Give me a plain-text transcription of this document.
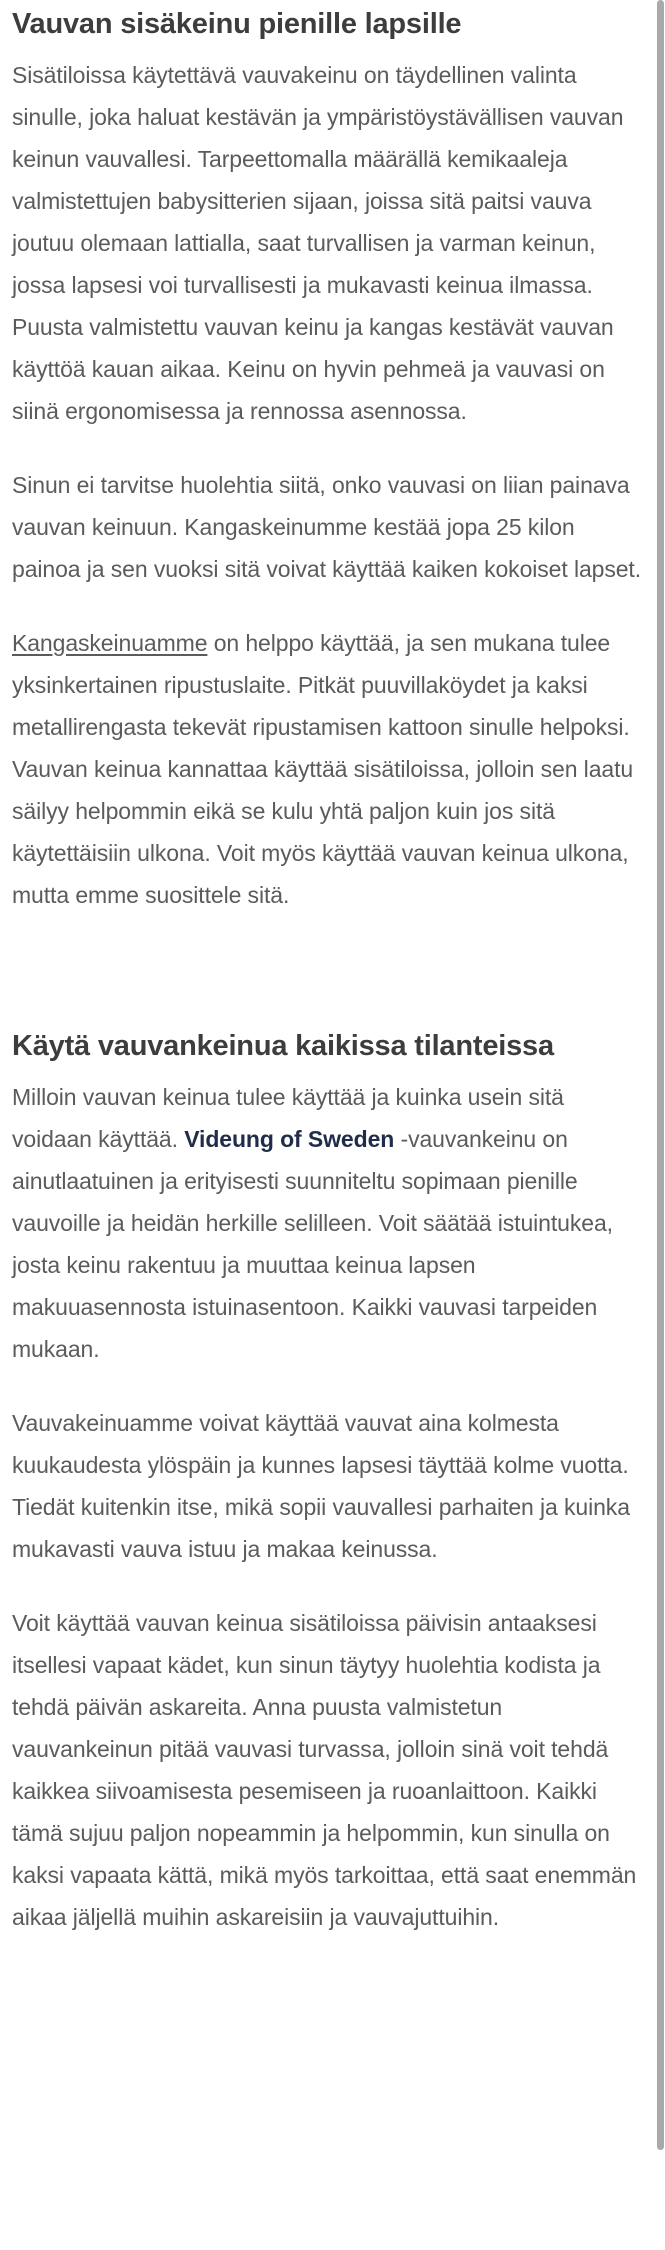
Vauvan sisäkeinu pienille lapsille

Sisätiloissa käytettävä vauvakeinu on täydellinen valinta sinulle, joka haluat kestävän ja ympäristöystävällisen vauvan keinun vauvallesi. Tarpeettomalla määrällä kemikaaleja valmistettujen babysitterien sijaan, joissa sitä paitsi vauva joutuu olemaan lattialla, saat turvallisen ja varman keinun, jossa lapsesi voi turvallisesti ja mukavasti keinua ilmassa. Puusta valmistettu vauvan keinu ja kangas kestävät vauvan käyttöä kauan aikaa. Keinu on hyvin pehmeä ja vauvasi on siinä ergonomisessa ja rennossa asennossa.

Sinun ei tarvitse huolehtia siitä, onko vauvasi on liian painava vauvan keinuun. Kangaskeinumme kestää jopa 25 kilon painoa ja sen vuoksi sitä voivat käyttää kaiken kokoiset lapset.

Kangaskeinuamme on helppo käyttää, ja sen mukana tulee yksinkertainen ripustuslaite. Pitkät puuvillaköydet ja kaksi metallirengasta tekevät ripustamisen kattoon sinulle helpoksi. Vauvan keinua kannattaa käyttää sisätiloissa, jolloin sen laatu säilyy helpommin eikä se kulu yhtä paljon kuin jos sitä käytettäisiin ulkona. Voit myös käyttää vauvan keinua ulkona, mutta emme suosittele sitä.

Käytä vauvankeinua kaikissa tilanteissa

Milloin vauvan keinua tulee käyttää ja kuinka usein sitä voidaan käyttää. Videung of Sweden -vauvankeinu on ainutlaatuinen ja erityisesti suunniteltu sopimaan pienille vauvoille ja heidän herkille selilleen. Voit säätää istuintukea, josta keinu rakentuu ja muuttaa keinua lapsen makuuasennosta istuinasentoon. Kaikki vauvasi tarpeiden mukaan.

Vauvakeinuamme voivat käyttää vauvat aina kolmesta kuukaudesta ylöspäin ja kunnes lapsesi täyttää kolme vuotta. Tiedät kuitenkin itse, mikä sopii vauvallesi parhaiten ja kuinka mukavasti vauva istuu ja makaa keinussa.

Voit käyttää vauvan keinua sisätiloissa päivisin antaaksesi itsellesi vapaat kädet, kun sinun täytyy huolehtia kodista ja tehdä päivän askareita. Anna puusta valmistetun vauvankeinun pitää vauvasi turvassa, jolloin sinä voit tehdä kaikkea siivoamisesta pesemiseen ja ruoanlaittoon. Kaikki tämä sujuu paljon nopeammin ja helpommin, kun sinulla on kaksi vapaata kättä, mikä myös tarkoittaa, että saat enemmän aikaa jäljellä muihin askareisiin ja vauvajuttuihin.
